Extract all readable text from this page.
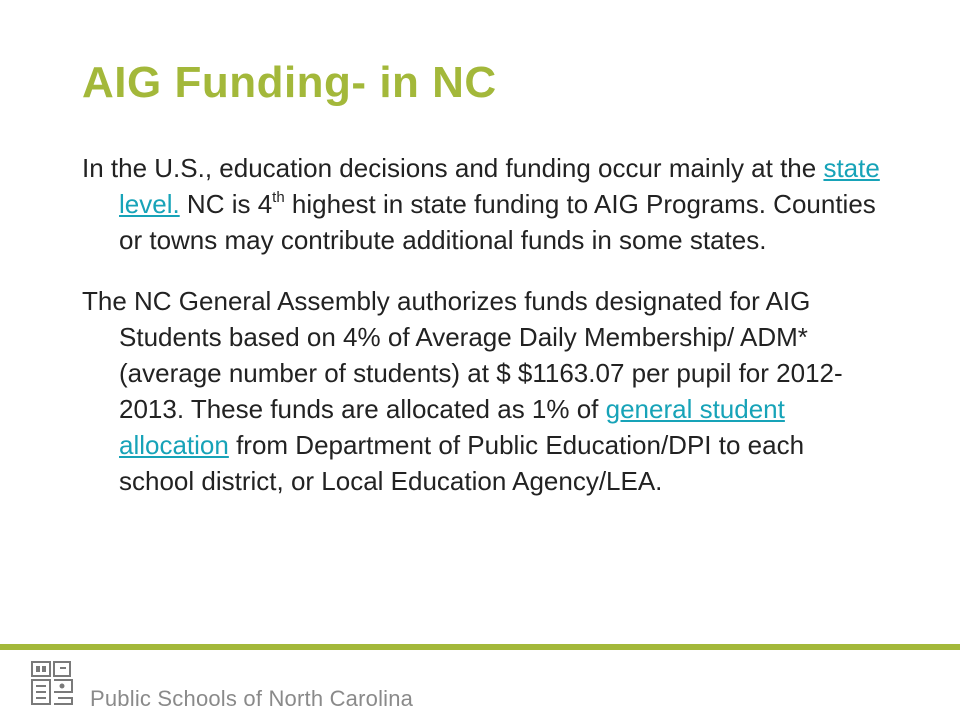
AIG Funding- in NC

In the U.S., education decisions and funding occur mainly at the state level. NC is 4th highest in state funding to AIG Programs. Counties or towns may contribute additional funds in some states.

The NC General Assembly authorizes funds designated for AIG Students based on 4% of Average Daily Membership/ ADM* (average number of students) at $ $1163.07 per pupil for 2012-2013. These funds are allocated as 1% of general student allocation from Department of Public Education/DPI to each school district, or Local Education Agency/LEA.

Public Schools of North Carolina
